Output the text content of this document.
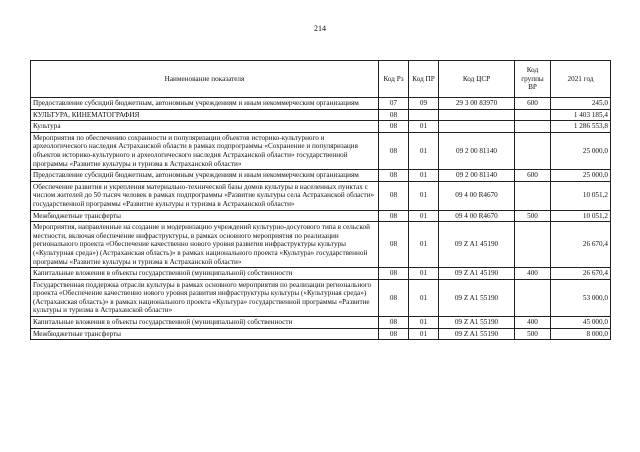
214
Наименование показателя	Код Рз	Код ПР	Код ЦСР	Код группы ВР	2021 год
Предоставление субсидий бюджетным, автономным учреждениям и иным некоммерческим организациям	07	09	29 3 00 83970	600	245,0
КУЛЬТУРА, КИНЕМАТОГРАФИЯ	08				1 403 185,4
Культура	08	01			1 286 553,8
Мероприятия по обеспечению сохранности и популяризации объектов историко-культурного и археологического наследия Астраханской области в рамках подпрограммы «Сохранение и популяризация объектов историко-культурного и археологического наследия Астраханской области» государственной программы «Развитие культуры и туризма в Астраханской области»	08	01	09 2 00 81140		25 000,0
Предоставление субсидий бюджетным, автономным учреждениям и иным некоммерческим организациям	08	01	09 2 00 81140	600	25 000,0
Обеспечение развития и укрепления материально-технической базы домов культуры в населенных пунктах с числом жителей до 50 тысяч человек в рамках подпрограммы «Развитие культуры села Астраханской области» государственной программы «Развитие культуры и туризма в Астраханской области»	08	01	09 4 00 R4670		10 051,2
Межбюджетные трансферты	08	01	09 4 00 R4670	500	10 051,2
Мероприятия, направленные на создание и модернизацию учреждений культурно-досугового типа в сельской местности, включая обеспечение инфраструктуры, в рамках основного мероприятия по реализации регионального проекта «Обеспечение качественно нового уровня развития инфраструктуры культуры («Культурная среда») (Астраханская область)» в рамках национального проекта «Культура» государственной программы «Развитие культуры и туризма в Астраханской области»	08	01	09 Z A1 45190		26 670,4
Капитальные вложения в объекты государственной (муниципальной) собственности	08	01	09 Z A1 45190	400	26 670,4
Государственная поддержка отрасли культуры в рамках основного мероприятия по реализации регионального проекта «Обеспечение качественно нового уровня развития инфраструктуры культуры («Культурная среда») (Астраханская область)» в рамках национального проекта «Культура» государственной программы «Развитие культуры и туризма в Астраханской области»	08	01	09 Z A1 55190		53 000,0
Капитальные вложения в объекты государственной (муниципальной) собственности	08	01	09 Z A1 55190	400	45 000,0
Межбюджетные трансферты	08	01	09 Z A1 55190	500	8 000,0
